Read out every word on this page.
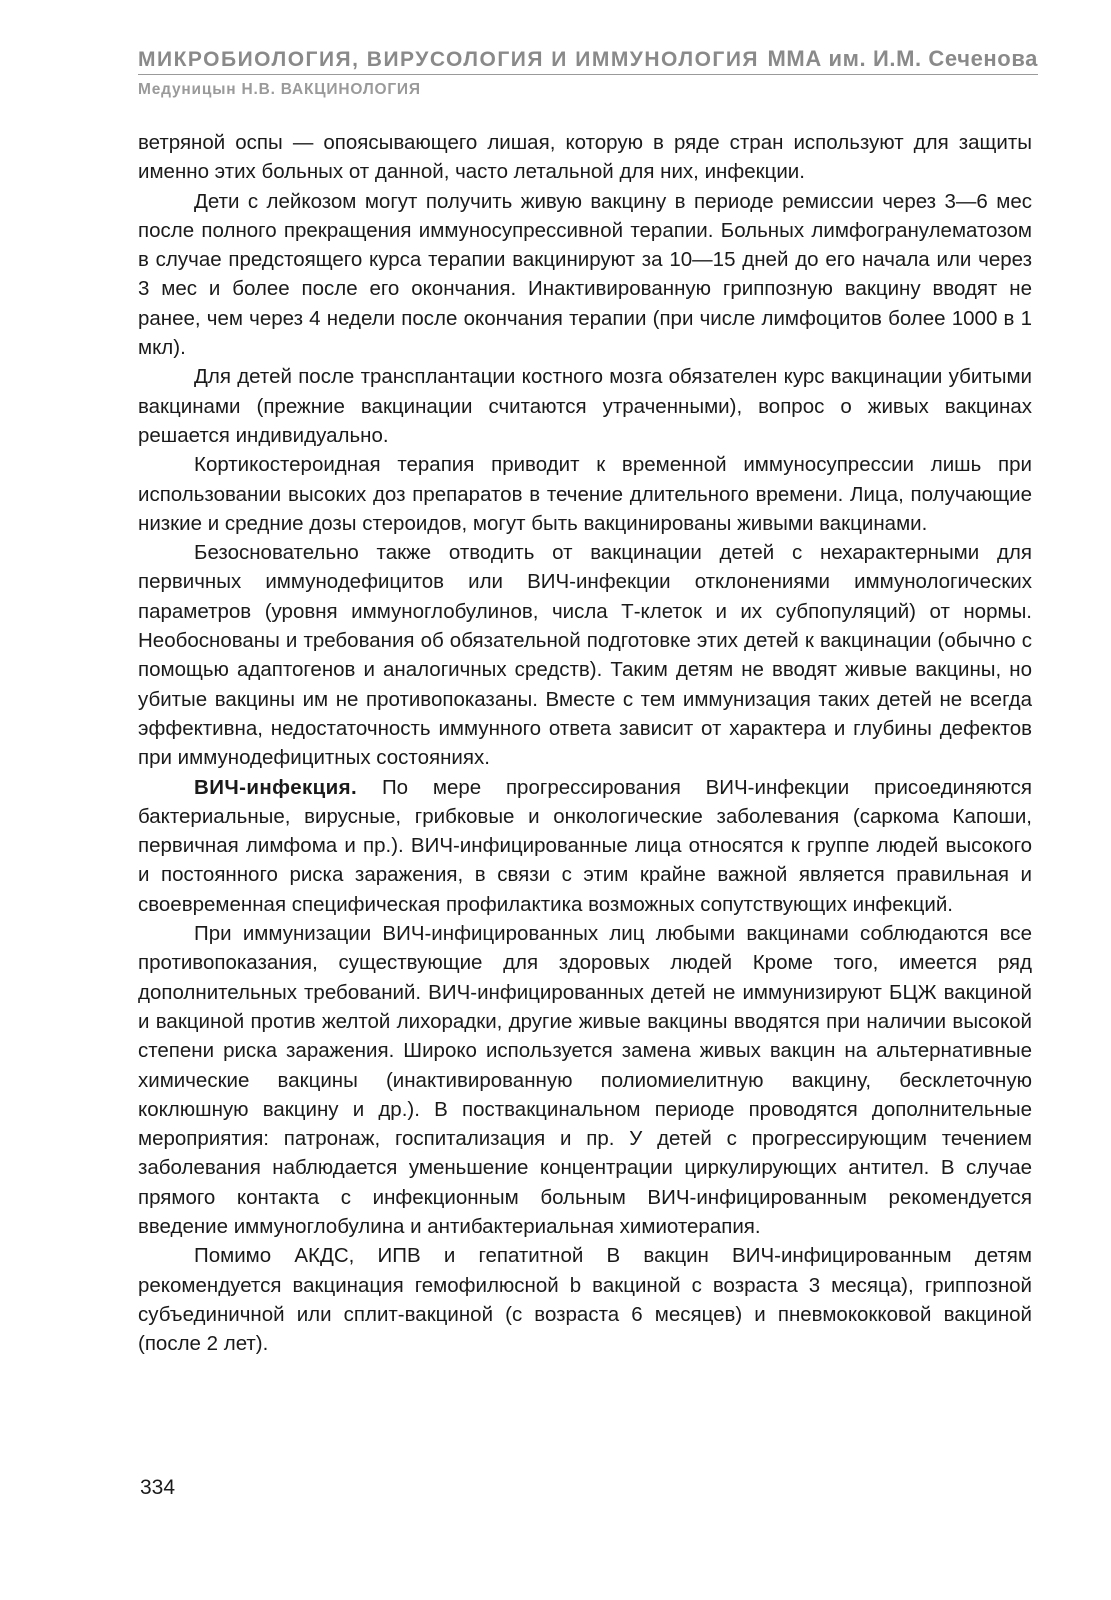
МИКРОБИОЛОГИЯ, ВИРУСОЛОГИЯ И ИММУНОЛОГИЯ ММА им. И.М. Сеченова
Медуницын Н.В. ВАКЦИНОЛОГИЯ

ветряной оспы — опоясывающего лишая, которую в ряде стран используют для защиты именно этих больных от данной, часто летальной для них, инфекции.

Дети с лейкозом могут получить живую вакцину в периоде ремиссии через 3—6 мес после полного прекращения иммуносупрессивной терапии. Больных лимфогранулематозом в случае предстоящего курса терапии вакцинируют за 10—15 дней до его начала или через 3 мес и более после его окончания. Инактивированную гриппозную вакцину вводят не ранее, чем через 4 недели после окончания терапии (при числе лимфоцитов более 1000 в 1 мкл).

Для детей после трансплантации костного мозга обязателен курс вакцинации убитыми вакцинами (прежние вакцинации считаются утраченными), вопрос о живых вакцинах решается индивидуально.

Кортикостероидная терапия приводит к временной иммуносупрессии лишь при использовании высоких доз препаратов в течение длительного времени. Лица, получающие низкие и средние дозы стероидов, могут быть вакцинированы живыми вакцинами.

Безосновательно также отводить от вакцинации детей с нехарактерными для первичных иммунодефицитов или ВИЧ-инфекции отклонениями иммунологических параметров (уровня иммуноглобулинов, числа Т-клеток и их субпопуляций) от нормы. Необоснованы и требования об обязательной подготовке этих детей к вакцинации (обычно с помощью адаптогенов и аналогичных средств). Таким детям не вводят живые вакцины, но убитые вакцины им не противопоказаны. Вместе с тем иммунизация таких детей не всегда эффективна, недостаточность иммунного ответа зависит от характера и глубины дефектов при иммунодефицитных состояниях.

ВИЧ-инфекция. По мере прогрессирования ВИЧ-инфекции присоединяются бактериальные, вирусные, грибковые и онкологические заболевания (саркома Капоши, первичная лимфома и пр.). ВИЧ-инфицированные лица относятся к группе людей высокого и постоянного риска заражения, в связи с этим крайне важной является правильная и своевременная специфическая профилактика возможных сопутствующих инфекций.

При иммунизации ВИЧ-инфицированных лиц любыми вакцинами соблюдаются все противопоказания, существующие для здоровых людей Кроме того, имеется ряд дополнительных требований. ВИЧ-инфицированных детей не иммунизируют БЦЖ вакциной и вакциной против желтой лихорадки, другие живые вакцины вводятся при наличии высокой степени риска заражения. Широко используется замена живых вакцин на альтернативные химические вакцины (инактивированную полиомиелитную вакцину, бесклеточную коклюшную вакцину и др.). В поствакцинальном периоде проводятся дополнительные мероприятия: патронаж, госпитализация и пр. У детей с прогрессирующим течением заболевания наблюдается уменьшение концентрации циркулирующих антител. В случае прямого контакта с инфекционным больным ВИЧ-инфицированным рекомендуется введение иммуноглобулина и антибактериальная химиотерапия.

Помимо АКДС, ИПВ и гепатитной В вакцин ВИЧ-инфицированным детям рекомендуется вакцинация гемофилюсной b вакциной с возраста 3 месяца), гриппозной субъединичной или сплит-вакциной (с возраста 6 месяцев) и пневмококковой вакциной (после 2 лет).

334
